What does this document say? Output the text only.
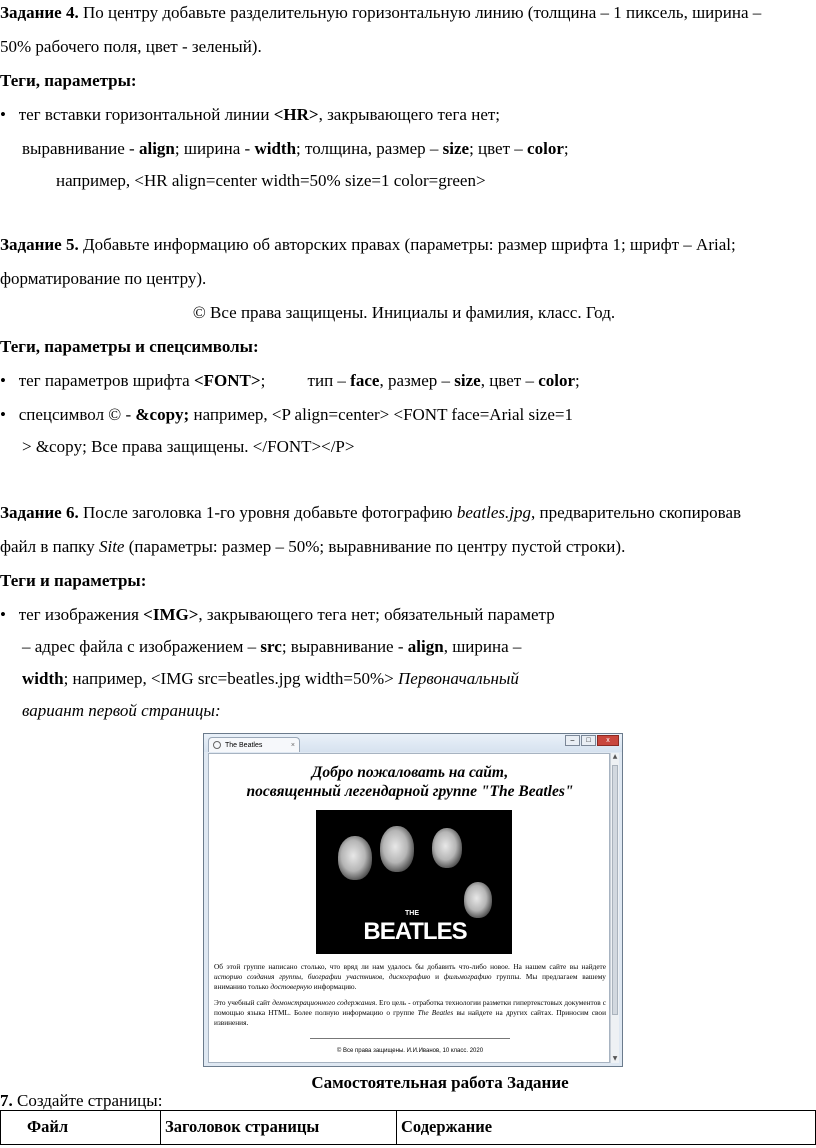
Задание 4. По центру добавьте разделительную горизонтальную линию (толщина – 1 пиксель, ширина –
50% рабочего поля, цвет - зеленый).
Теги, параметры:
• тег вставки горизонтальной линии <HR>, закрывающего тега нет;
выравнивание - align; ширина - width; толщина, размер – size; цвет – color;
например, <HR align=center width=50% size=1 color=green>
Задание 5. Добавьте информацию об авторских правах (параметры: размер шрифта 1; шрифт – Arial;
форматирование по центру).
© Все права защищены. Инициалы и фамилия, класс. Год.
Теги, параметры и спецсимволы:
• тег параметров шрифта <FONT>; тип – face, размер – size, цвет – color;
• спецсимвол © - &copy; например, <P align=center> <FONT face=Arial size=1
> &copy; Все права защищены. </FONT></P>
Задание 6. После заголовка 1-го уровня добавьте фотографию beatles.jpg, предварительно скопировав
файл в папку Site (параметры: размер – 50%; выравнивание по центру пустой строки).
Теги и параметры:
• тег изображения <IMG>, закрывающего тега нет; обязательный параметр
– адрес файла с изображением – src; выравнивание - align, ширина –
width; например, <IMG src=beatles.jpg width=50%> Первоначальный
вариант первой страницы:
The Beatles	×
– □ x
Добро пожаловать на сайт,
посвященный легендарной группе "The Beatles"
THE
BEATLES
Об этой группе написано столько, что вряд ли нам удалось бы добавить что-либо новое. На нашем сайте вы найдете историю создания группы, биографии участников, дискографию и фильмографию группы. Мы предлагаем вашему вниманию только достоверную информацию.
Это учебный сайт демонстрационного содержания. Его цель - отработка технологии разметки гипертекстовых документов с помощью языка HTML. Более полную информацию о группе The Beatles вы найдете на других сайтах. Приносим свои извинения.
© Все права защищены. И.И.Иванов, 10 класс. 2020
▲
▼
Самостоятельная работа Задание
7. Создайте страницы:
Файл	Заголовок страницы	Содержание
